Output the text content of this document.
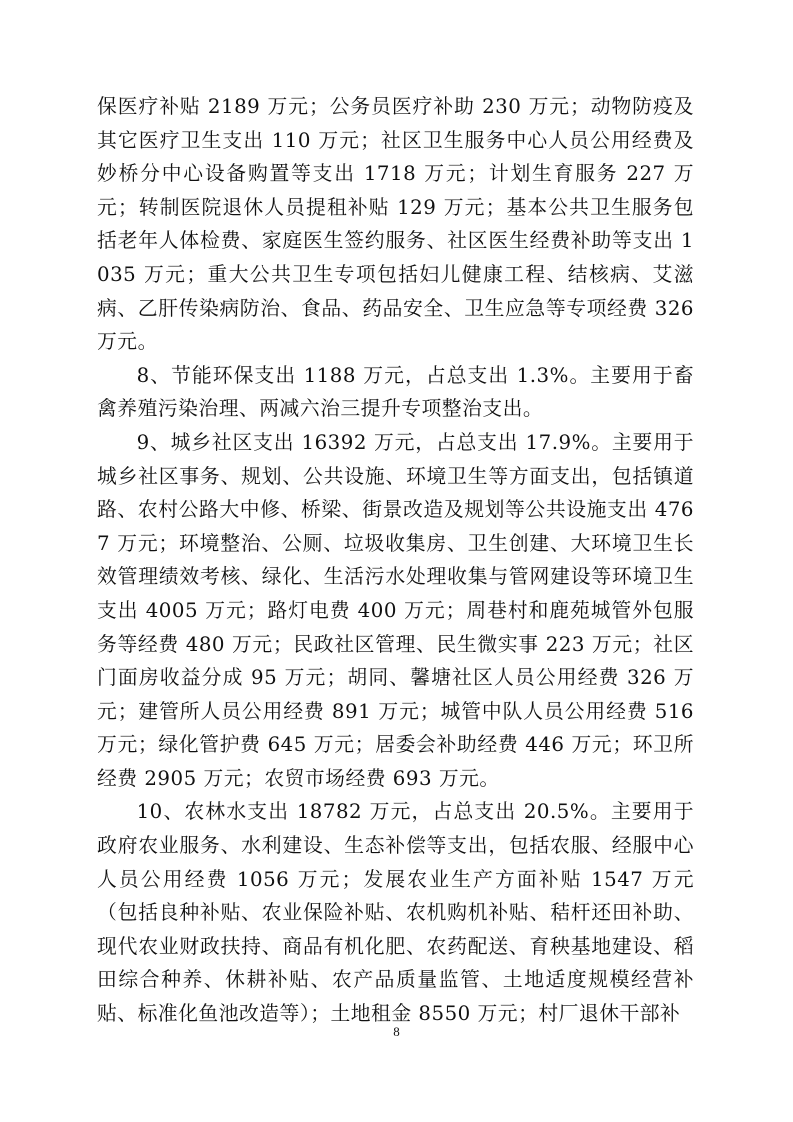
保医疗补贴 2189 万元；公务员医疗补助 230 万元；动物防疫及其它医疗卫生支出 110 万元；社区卫生服务中心人员公用经费及妙桥分中心设备购置等支出 1718 万元；计划生育服务 227 万元；转制医院退休人员提租补贴 129 万元；基本公共卫生服务包括老年人体检费、家庭医生签约服务、社区医生经费补助等支出 1035 万元；重大公共卫生专项包括妇儿健康工程、结核病、艾滋病、乙肝传染病防治、食品、药品安全、卫生应急等专项经费 326 万元。

8、节能环保支出 1188 万元，占总支出 1.3%。主要用于畜禽养殖污染治理、两减六治三提升专项整治支出。

9、城乡社区支出 16392 万元，占总支出 17.9%。主要用于城乡社区事务、规划、公共设施、环境卫生等方面支出，包括镇道路、农村公路大中修、桥梁、街景改造及规划等公共设施支出 4767 万元；环境整治、公厕、垃圾收集房、卫生创建、大环境卫生长效管理绩效考核、绿化、生活污水处理收集与管网建设等环境卫生支出 4005 万元；路灯电费 400 万元；周巷村和鹿苑城管外包服务等经费 480 万元；民政社区管理、民生微实事 223 万元；社区门面房收益分成 95 万元；胡同、馨塘社区人员公用经费 326 万元；建管所人员公用经费 891 万元；城管中队人员公用经费 516 万元；绿化管护费 645 万元；居委会补助经费 446 万元；环卫所经费 2905 万元；农贸市场经费 693 万元。

10、农林水支出 18782 万元，占总支出 20.5%。主要用于政府农业服务、水利建设、生态补偿等支出，包括农服、经服中心人员公用经费 1056 万元；发展农业生产方面补贴 1547 万元（包括良种补贴、农业保险补贴、农机购机补贴、秸杆还田补助、现代农业财政扶持、商品有机化肥、农药配送、育秧基地建设、稻田综合种养、休耕补贴、农产品质量监管、土地适度规模经营补贴、标准化鱼池改造等）；土地租金 8550 万元；村厂退休干部补

8
